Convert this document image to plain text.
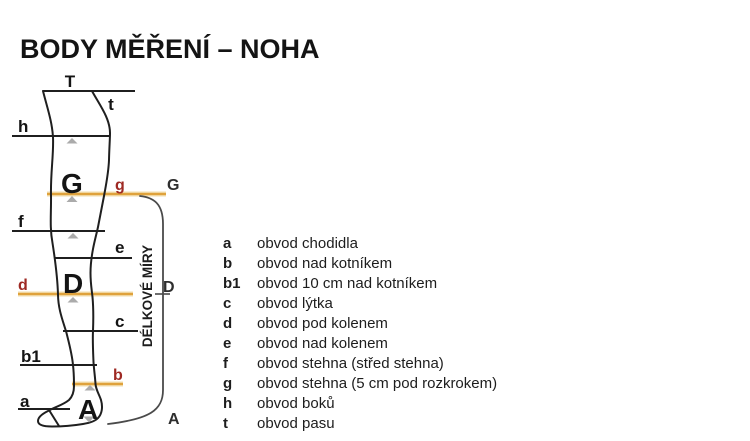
BODY MĚŘENÍ – NOHA
DÉLKOVÉ MÍRY
G
D
A
T
t
h
f
e
c
b1
a
g
d
b
G
D
A
a	obvod chodidla
b	obvod nad kotníkem
b1	obvod 10 cm nad kotníkem
c	obvod lýtka
d	obvod pod kolenem
e	obvod nad kolenem
f	obvod stehna (střed stehna)
g	obvod stehna (5 cm pod rozkrokem)
h	obvod boků
t	obvod pasu
